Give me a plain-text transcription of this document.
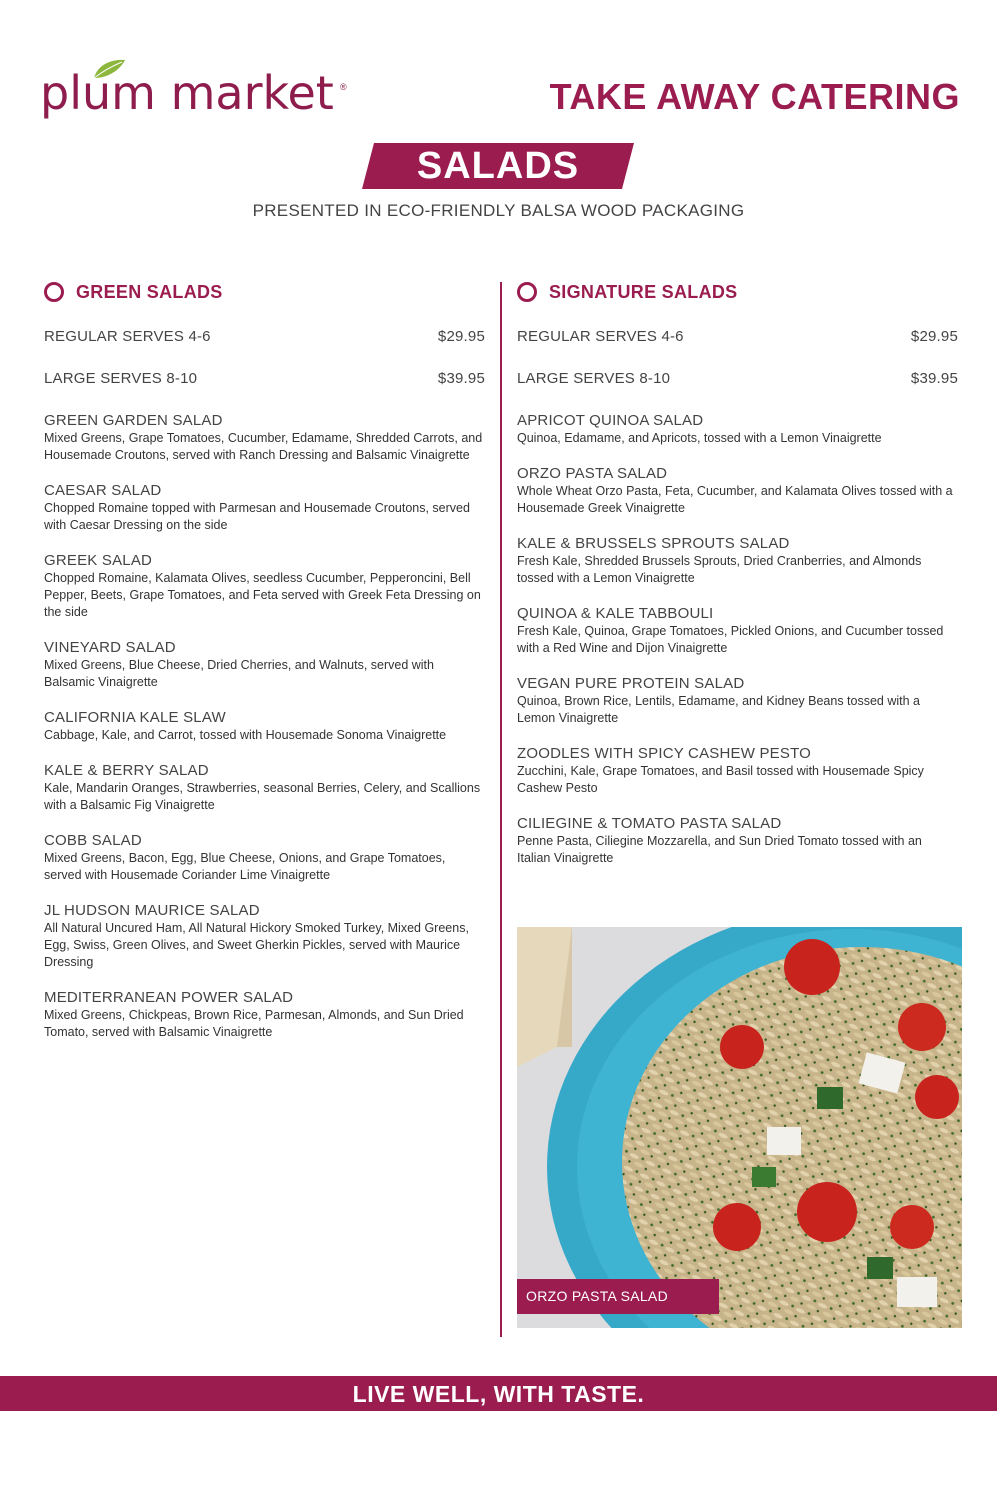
plum market ®	TAKE AWAY CATERING
SALADS
PRESENTED IN ECO-FRIENDLY BALSA WOOD PACKAGING
GREEN SALADS
REGULAR SERVES 4-6	$29.95
LARGE SERVES 8-10	$39.95
GREEN GARDEN SALAD
Mixed Greens, Grape Tomatoes, Cucumber, Edamame, Shredded Carrots, and Housemade Croutons, served with Ranch Dressing and Balsamic Vinaigrette
CAESAR SALAD
Chopped Romaine topped with Parmesan and Housemade Croutons, served with Caesar Dressing on the side
GREEK SALAD
Chopped Romaine, Kalamata Olives, seedless Cucumber, Pepperoncini, Bell Pepper, Beets, Grape Tomatoes, and Feta served with Greek Feta Dressing on the side
VINEYARD SALAD
Mixed Greens, Blue Cheese, Dried Cherries, and Walnuts, served with Balsamic Vinaigrette
CALIFORNIA KALE SLAW
Cabbage, Kale, and Carrot, tossed with Housemade Sonoma Vinaigrette
KALE & BERRY SALAD
Kale, Mandarin Oranges, Strawberries, seasonal Berries, Celery, and Scallions with a Balsamic Fig Vinaigrette
COBB SALAD
Mixed Greens, Bacon, Egg, Blue Cheese, Onions, and Grape Tomatoes, served with Housemade Coriander Lime Vinaigrette
JL HUDSON MAURICE SALAD
All Natural Uncured Ham, All Natural Hickory Smoked Turkey, Mixed Greens, Egg, Swiss, Green Olives, and Sweet Gherkin Pickles, served with Maurice Dressing
MEDITERRANEAN POWER SALAD
Mixed Greens, Chickpeas, Brown Rice, Parmesan, Almonds, and Sun Dried Tomato, served with Balsamic Vinaigrette
SIGNATURE SALADS
REGULAR SERVES 4-6	$29.95
LARGE SERVES 8-10	$39.95
APRICOT QUINOA SALAD
Quinoa, Edamame, and Apricots, tossed with a Lemon Vinaigrette
ORZO PASTA SALAD
Whole Wheat Orzo Pasta, Feta, Cucumber, and Kalamata Olives tossed with a Housemade Greek Vinaigrette
KALE & BRUSSELS SPROUTS SALAD
Fresh Kale, Shredded Brussels Sprouts, Dried Cranberries, and Almonds tossed with a Lemon Vinaigrette
QUINOA & KALE TABBOULI
Fresh Kale, Quinoa, Grape Tomatoes, Pickled Onions, and Cucumber tossed with a Red Wine and Dijon Vinaigrette
VEGAN PURE PROTEIN SALAD
Quinoa, Brown Rice, Lentils, Edamame, and Kidney Beans tossed with a Lemon Vinaigrette
ZOODLES WITH SPICY CASHEW PESTO
Zucchini, Kale, Grape Tomatoes, and Basil tossed with Housemade Spicy Cashew Pesto
CILIEGINE & TOMATO PASTA SALAD
Penne Pasta, Ciliegine Mozzarella, and Sun Dried Tomato tossed with an Italian Vinaigrette
ORZO PASTA SALAD
LIVE WELL, WITH TASTE.
